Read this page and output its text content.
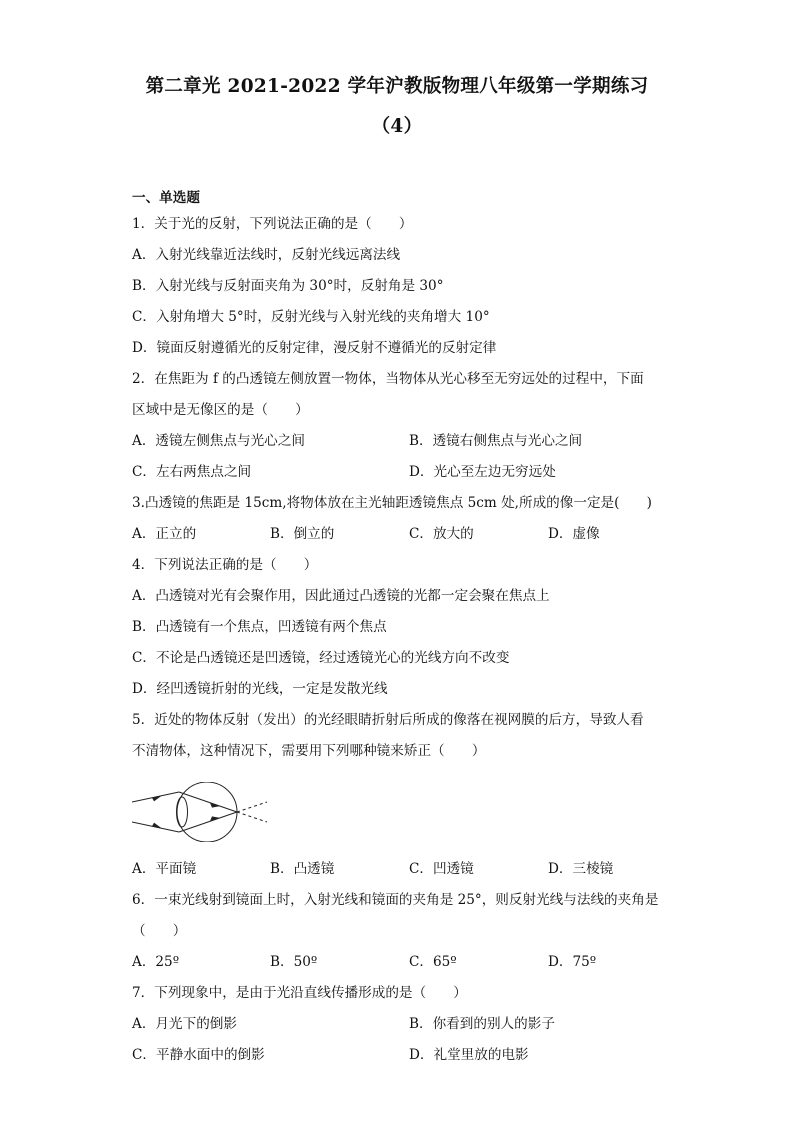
第二章光 2021-2022 学年沪教版物理八年级第一学期练习
（4）
一、单选题
1．关于光的反射，下列说法正确的是（　　）
A．入射光线靠近法线时，反射光线远离法线
B．入射光线与反射面夹角为 30°时，反射角是 30°
C．入射角增大 5°时，反射光线与入射光线的夹角增大 10°
D．镜面反射遵循光的反射定律，漫反射不遵循光的反射定律
2．在焦距为 f 的凸透镜左侧放置一物体，当物体从光心移至无穷远处的过程中，下面
区域中是无像区的是（　　）
A．透镜左侧焦点与光心之间	B．透镜右侧焦点与光心之间
C．左右两焦点之间	D．光心至左边无穷远处
3.凸透镜的焦距是 15cm,将物体放在主光轴距透镜焦点 5cm 处,所成的像一定是(　　)
A．正立的	B．倒立的	C．放大的	D．虚像
4．下列说法正确的是（　　）
A．凸透镜对光有会聚作用，因此通过凸透镜的光都一定会聚在焦点上
B．凸透镜有一个焦点，凹透镜有两个焦点
C．不论是凸透镜还是凹透镜，经过透镜光心的光线方向不改变
D．经凹透镜折射的光线，一定是发散光线
5．近处的物体反射（发出）的光经眼睛折射后所成的像落在视网膜的后方，导致人看
不清物体，这种情况下，需要用下列哪种镜来矫正（　　）
A．平面镜	B．凸透镜	C．凹透镜	D．三棱镜
6．一束光线射到镜面上时，入射光线和镜面的夹角是 25°，则反射光线与法线的夹角是
（　　）
A．25º	B．50º	C．65º	D．75º
7．下列现象中，是由于光沿直线传播形成的是（　　）
A．月光下的倒影	B．你看到的别人的影子
C．平静水面中的倒影	D．礼堂里放的电影
